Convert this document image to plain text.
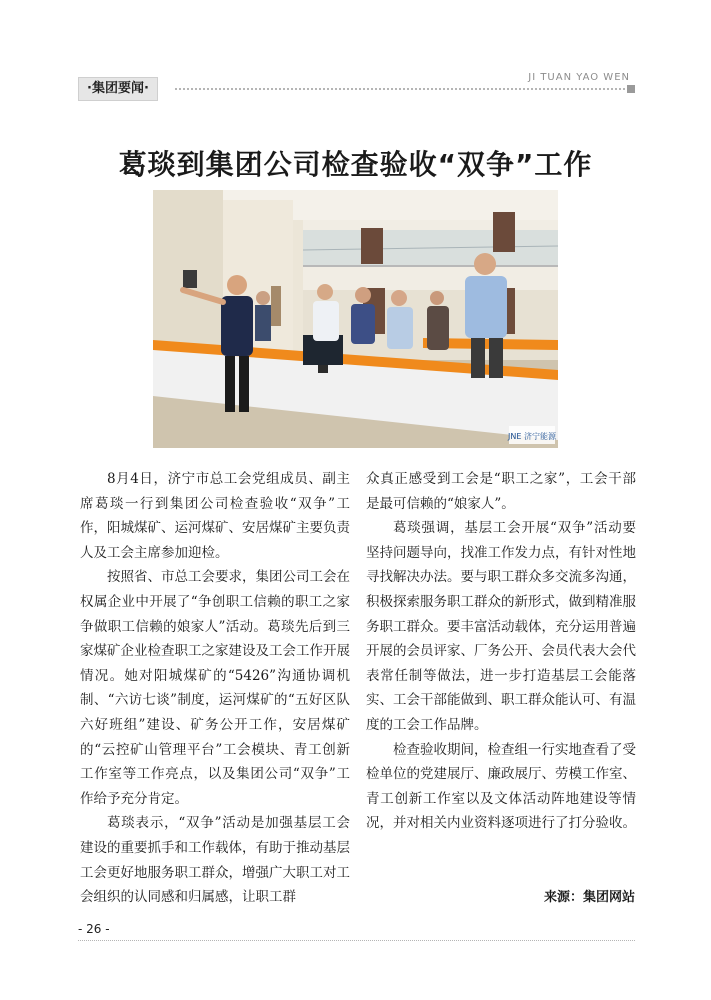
·集团要闻·
JI TUAN YAO WEN
葛琰到集团公司检查验收“双争”工作
JNE 济宁能源

8月4日，济宁市总工会党组成员、副主席葛琰一行到集团公司检查验收“双争”工作，阳城煤矿、运河煤矿、安居煤矿主要负责人及工会主席参加迎检。

按照省、市总工会要求，集团公司工会在权属企业中开展了“争创职工信赖的职工之家 争做职工信赖的娘家人”活动。葛琰先后到三家煤矿企业检查职工之家建设及工会工作开展情况。她对阳城煤矿的“5426”沟通协调机制、“六访七谈”制度，运河煤矿的“五好区队六好班组”建设、矿务公开工作，安居煤矿的“云控矿山管理平台”工会模块、青工创新工作室等工作亮点，以及集团公司“双争”工作给予充分肯定。

葛琰表示，“双争”活动是加强基层工会建设的重要抓手和工作载体，有助于推动基层工会更好地服务职工群众，增强广大职工对工会组织的认同感和归属感，让职工群

众真正感受到工会是“职工之家”，工会干部是最可信赖的“娘家人”。

葛琰强调，基层工会开展“双争”活动要坚持问题导向，找准工作发力点，有针对性地寻找解决办法。要与职工群众多交流多沟通，积极探索服务职工群众的新形式，做到精准服务职工群众。要丰富活动载体，充分运用普遍开展的会员评家、厂务公开、会员代表大会代表常任制等做法，进一步打造基层工会能落实、工会干部能做到、职工群众能认可、有温度的工会工作品牌。

检查验收期间，检查组一行实地查看了受检单位的党建展厅、廉政展厅、劳模工作室、青工创新工作室以及文体活动阵地建设等情况，并对相关内业资料逐项进行了打分验收。

来源：集团网站
- 26 -
